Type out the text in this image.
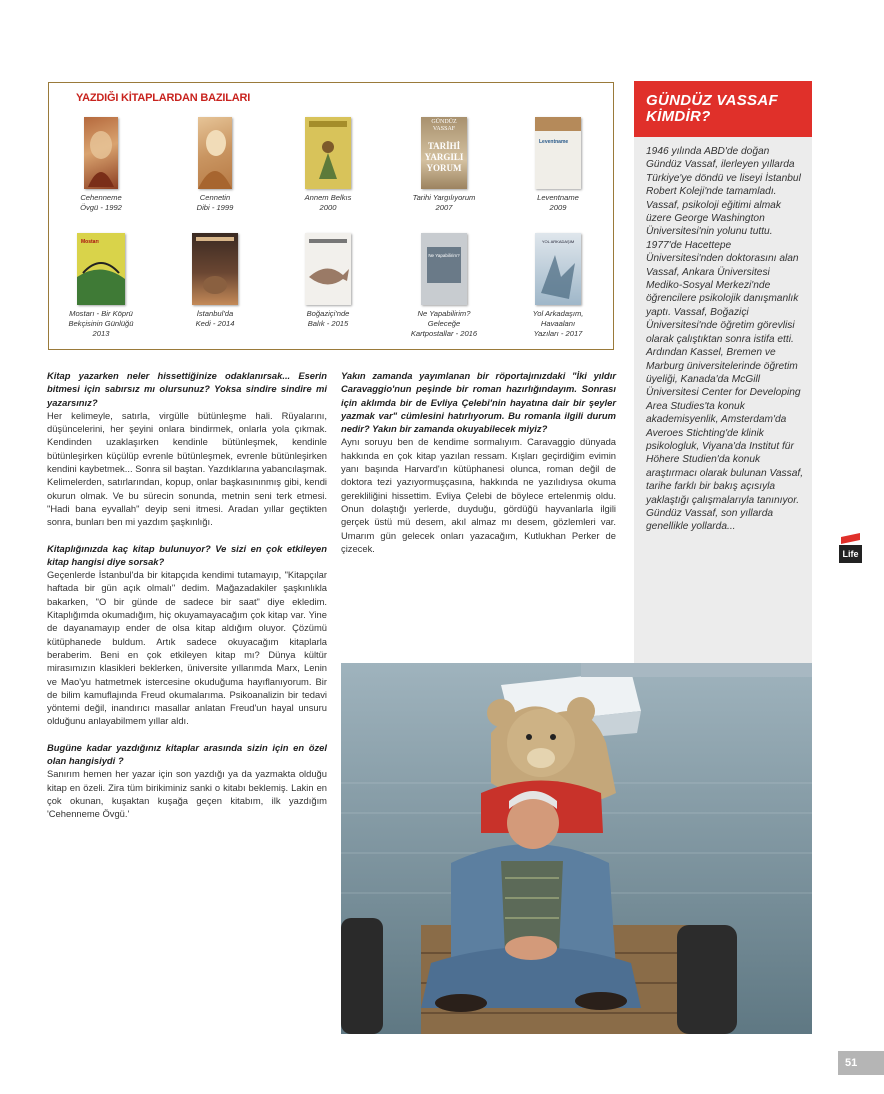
YAZDIĞI KİTAPLARDAN BAZILARI
Cehenneme
Övgü - 1992
Cennetin
Dibi - 1999
Annem Belkıs
2000
GÜNDÜZ
VASSAF
TARİHİ
YARGILI
YORUM
Tarihi Yargılıyorum
2007
Leventname
Leventname
2009
Mostarı
Mostarı - Bir Köprü
Bekçisinin Günlüğü
2013
İstanbul'da
Kedi - 2014
Boğaziçi'nde
Balık - 2015
Ne Yapabilirim?
Ne Yapabilirim?
Geleceğe
Kartpostallar - 2016
YOL ARKADAŞIM
Yol Arkadaşım,
Havaalanı
Yazıları - 2017
Kitap yazarken neler hissettiğinize odaklanırsak... Eserin bitmesi için sabırsız mı olursunuz? Yoksa sindire sindire mi yazarsınız?
Her kelimeyle, satırla, virgülle bütünleşme hali. Rüyalarını, düşüncelerini, her şeyini onlara bindirmek, onlarla yola çıkmak. Kendinden uzaklaşırken kendinle bütünleşmek, kendinle bütünleşirken küçülüp evrenle bütünleşmek, evrenle bütünleşirken kendini kaybetmek... Sonra sil baştan. Yazdıklarına yabancılaşmak. Kelimelerden, satırlarından, kopup, onlar başkasınınmış gibi, kendi okurun olmak. Ve bu sürecin sonunda, metnin seni terk etmesi. "Hadi bana eyvallah" deyip seni itmesi. Aradan yıllar geçtikten sonra, bunları ben mi yazdım şaşkınlığı.
Kitaplığınızda kaç kitap bulunuyor? Ve sizi en çok etkileyen kitap hangisi diye sorsak?
Geçenlerde İstanbul'da bir kitapçıda kendimi tutamayıp, "Kitapçılar haftada bir gün açık olmalı" dedim. Mağazadakiler şaşkınlıkla bakarken, "O bir günde de sadece bir saat" diye ekledim. Kitaplığımda okumadığım, hiç okuyamayacağım çok kitap var. Yine de dayanamayıp ender de olsa kitap aldığım oluyor. Çözümü kütüphanede buldum. Artık sadece okuyacağım kitaplarla beraberim. Beni en çok etkileyen kitap mı? Dünya kültür mirasımızın klasikleri beklerken, üniversite yıllarımda Marx, Lenin ve Mao'yu hatmetmek istercesine okuduğuma hayıflanıyorum. Bir de bilim kamuflajında Freud okumalarıma. Psikoanalizin bir tedavi yöntemi değil, inandırıcı masallar anlatan Freud'un hayal unsuru olduğunu anlayabilmem yıllar aldı.
Bugüne kadar yazdığınız kitaplar arasında sizin için en özel olan hangisiydi ?
Sanırım hemen her yazar için son yazdığı ya da yazmakta olduğu kitap en özeli. Zira tüm birikiminiz sanki o kitabı beklemiş. Lakin en çok okunan, kuşaktan kuşağa geçen kitabım, ilk yazdığım 'Cehenneme Övgü.'
Yakın zamanda yayımlanan bir röportajınızdaki "İki yıldır Caravaggio'nun peşinde bir roman hazırlığındayım. Sonrası için aklımda bir de Evliya Çelebi'nin hayatına dair bir şeyler yazmak var" cümlesini hatırlıyorum. Bu romanla ilgili durum nedir? Yakın bir zamanda okuyabilecek miyiz?
Aynı soruyu ben de kendime sormalıyım. Caravaggio dünyada hakkında en çok kitap yazılan ressam. Kışları geçirdiğim evimin yanı başında Harvard'ın kütüphanesi olunca, roman değil de doktora tezi yazıyormuşçasına, hakkında ne yazılıdıysa okuma gerekliliğini hissettim. Evliya Çelebi de böylece ertelenmiş oldu. Onun dolaştığı yerlerde, duyduğu, gördüğü hayvanlarla ilgili gerçek üstü mü desem, akıl almaz mı desem, gözlemleri var. Umarım gün gelecek onları yazacağım, Kutlukhan Perker de çizecek.
GÜNDÜZ VASSAF KİMDİR?
1946 yılında ABD'de doğan Gündüz Vassaf, ilerleyen yıllarda Türkiye'ye döndü ve liseyi İstanbul Robert Koleji'nde tamamladı. Vassaf, psikoloji eğitimi almak üzere George Washington Üniversitesi'nin yolunu tuttu. 1977'de Hacettepe Üniversitesi'nden doktorasını alan Vassaf, Ankara Üniversitesi Mediko-Sosyal Merkezi'nde öğrencilere psikolojik danışmanlık yaptı. Vassaf, Boğaziçi Üniversitesi'nde öğretim görevlisi olarak çalıştıktan sonra istifa etti. Ardından Kassel, Bremen ve Marburg üniversitelerinde öğretim üyeliği, Kanada'da McGill Üniversitesi Center for Developing Area Studies'ta konuk akademisyenlik, Amsterdam'da Averoes Stichting'de klinik psikologluk, Viyana'da Institut für Höhere Studien'da konuk araştırmacı olarak bulunan Vassaf, tarihe farklı bir bakış açısıyla yaklaştığı çalışmalarıyla tanınıyor. Gündüz Vassaf, son yıllarda genellikle yollarda...
Life
51
